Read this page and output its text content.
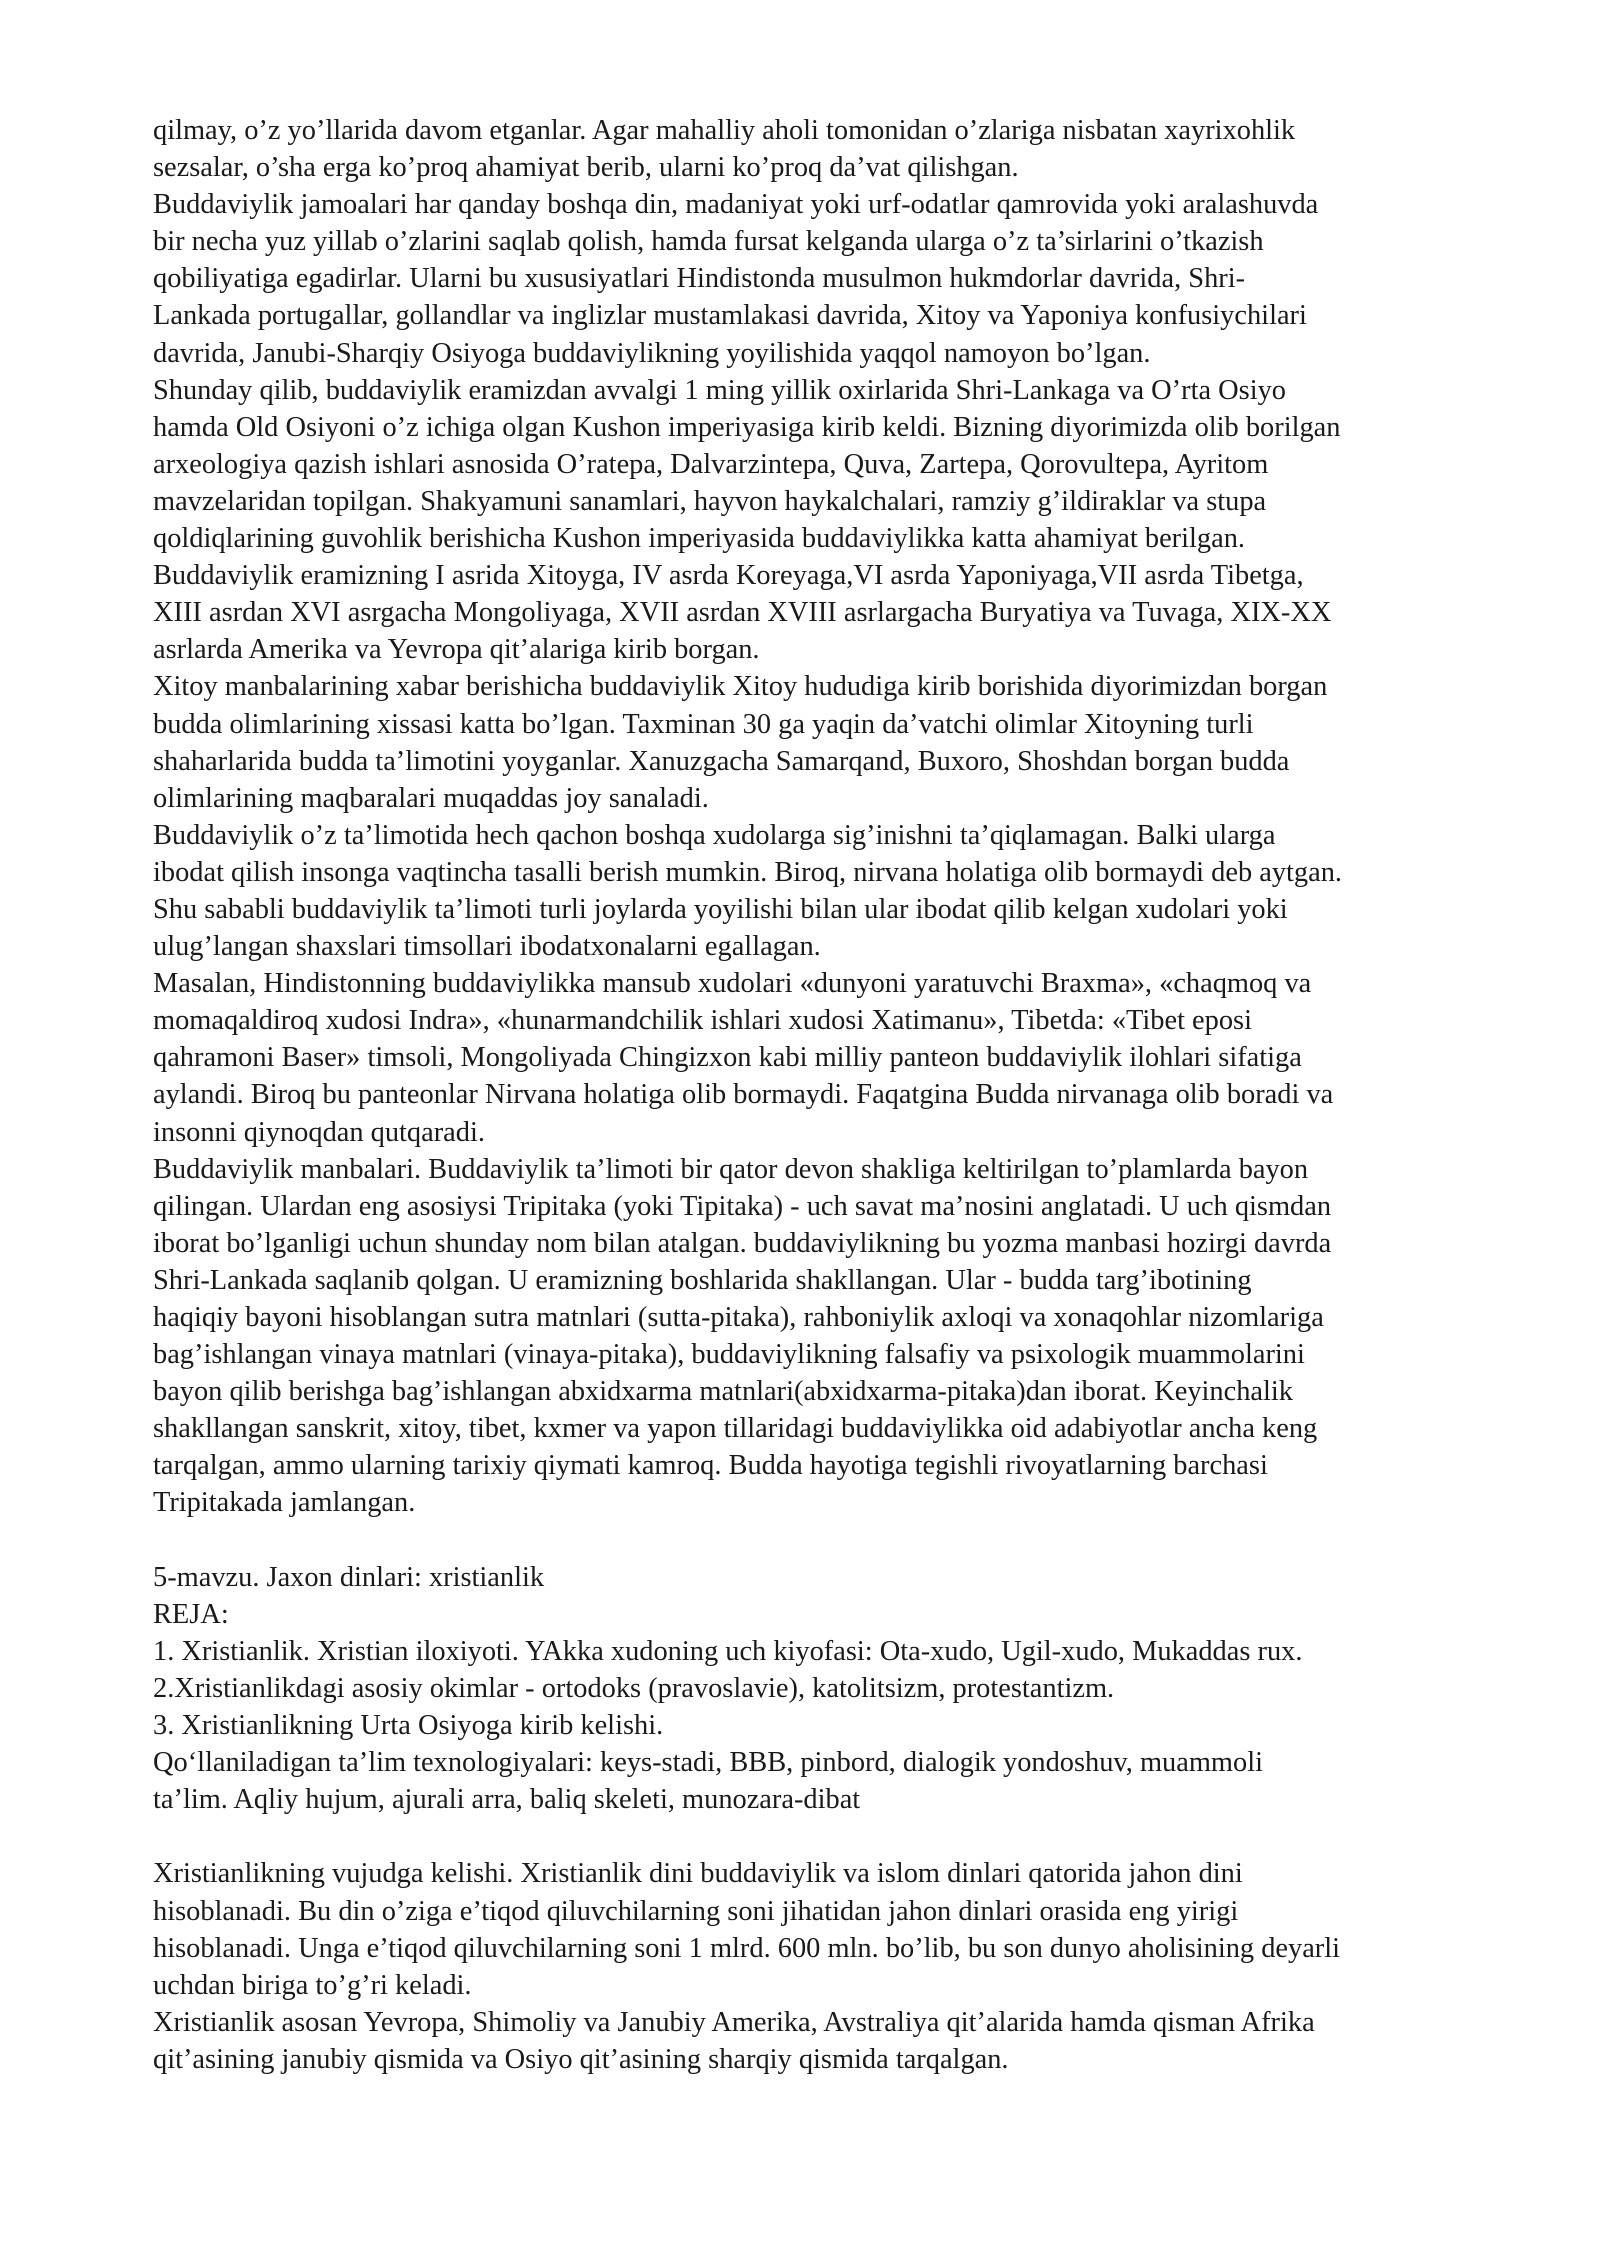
qilmay, o’z yo’llarida davom etganlar. Agar mahalliy aholi tomonidan o’zlariga nisbatan xayrixohlik
sezsalar, o’sha erga ko’proq ahamiyat berib, ularni ko’proq da’vat qilishgan.
Buddaviylik jamoalari har qanday boshqa din, madaniyat yoki urf-odatlar qamrovida yoki aralashuvda
bir necha yuz yillab o’zlarini saqlab qolish, hamda fursat kelganda ularga o’z ta’sirlarini o’tkazish
qobiliyatiga egadirlar. Ularni bu xususiyatlari Hindistonda musulmon hukmdorlar davrida, Shri-
Lankada portugallar, gollandlar va inglizlar mustamlakasi davrida, Xitoy va Yaponiya konfusiychilari
davrida, Janubi-Sharqiy Osiyoga buddaviylikning yoyilishida yaqqol namoyon bo’lgan.
Shunday qilib, buddaviylik eramizdan avvalgi 1 ming yillik oxirlarida Shri-Lankaga va O’rta Osiyo
hamda Old Osiyoni o’z ichiga olgan Kushon imperiyasiga kirib keldi. Bizning diyorimizda olib borilgan
arxeologiya qazish ishlari asnosida O’ratepa, Dalvarzintepa, Quva, Zartepa, Qorovultepa, Ayritom
mavzelaridan topilgan. Shakyamuni sanamlari, hayvon haykalchalari, ramziy g’ildiraklar va stupa
qoldiqlarining guvohlik berishicha Kushon imperiyasida buddaviylikka katta ahamiyat berilgan.
Buddaviylik eramizning I asrida Xitoyga, IV asrda Koreyaga,VI asrda Yaponiyaga,VII asrda Tibetga,
XIII asrdan XVI asrgacha Mongoliyaga, XVII asrdan XVIII asrlargacha Buryatiya va Tuvaga, XIX-XX
asrlarda Amerika va Yevropa qit’alariga kirib borgan.
Xitoy manbalarining xabar berishicha buddaviylik Xitoy hududiga kirib borishida diyorimizdan borgan
budda olimlarining xissasi katta bo’lgan. Taxminan 30 ga yaqin da’vatchi olimlar Xitoyning turli
shaharlarida budda ta’limotini yoyganlar. Xanuzgacha Samarqand, Buxoro, Shoshdan borgan budda
olimlarining maqbaralari muqaddas joy sanaladi.
Buddaviylik o’z ta’limotida hech qachon boshqa xudolarga sig’inishni ta’qiqlamagan. Balki ularga
ibodat qilish insonga vaqtincha tasalli berish mumkin. Biroq, nirvana holatiga olib bormaydi deb aytgan.
Shu sababli buddaviylik ta’limoti turli joylarda yoyilishi bilan ular ibodat qilib kelgan xudolari yoki
ulug’langan shaxslari timsollari ibodatxonalarni egallagan.
Masalan, Hindistonning buddaviylikka mansub xudolari «dunyoni yaratuvchi Braxma», «chaqmoq va
momaqaldiroq xudosi Indra», «hunarmandchilik ishlari xudosi Xatimanu», Tibetda: «Tibet eposi
qahramoni Baser» timsoli, Mongoliyada Chingizxon kabi milliy panteon buddaviylik ilohlari sifatiga
aylandi. Biroq bu panteonlar Nirvana holatiga olib bormaydi. Faqatgina Budda nirvanaga olib boradi va
insonni qiynoqdan qutqaradi.
Buddaviylik manbalari. Buddaviylik ta’limoti bir qator devon shakliga keltirilgan to’plamlarda bayon
qilingan. Ulardan eng asosiysi Tripitaka (yoki Tipitaka) - uch savat ma’nosini anglatadi. U uch qismdan
iborat bo’lganligi uchun shunday nom bilan atalgan. buddaviylikning bu yozma manbasi hozirgi davrda
Shri-Lankada saqlanib qolgan. U eramizning boshlarida shakllangan. Ular - budda targ’ibotining
haqiqiy bayoni hisoblangan sutra matnlari (sutta-pitaka), rahboniylik axloqi va xonaqohlar nizomlariga
bag’ishlangan vinaya matnlari (vinaya-pitaka), buddaviylikning falsafiy va psixologik muammolarini
bayon qilib berishga bag’ishlangan abxidxarma matnlari(abxidxarma-pitaka)dan iborat. Keyinchalik
shakllangan sanskrit, xitoy, tibet, kxmer va yapon tillaridagi buddaviylikka oid adabiyotlar ancha keng
tarqalgan, ammo ularning tarixiy qiymati kamroq. Budda hayotiga tegishli rivoyatlarning barchasi
Tripitakada jamlangan.
5-mavzu. Jaxon dinlari: xristianlik
REJA:
1. Xristianlik. Xristian iloxiyoti. YAkka xudoning uch kiyofasi: Ota-xudo, Ugil-xudo, Mukaddas rux.
2.Xristianlikdagi asosiy okimlar - ortodoks (pravoslavie), katolitsizm, protestantizm.
3. Xristianlikning Urta Osiyoga kirib kelishi.
Qo‘llaniladigan ta’lim texnologiyalari: keys-stadi, BBB, pinbord, dialogik yondoshuv, muammoli
ta’lim. Aqliy hujum, ajurali arra, baliq skeleti, munozara-dibat
Xristianlikning vujudga kelishi. Xristianlik dini buddaviylik va islom dinlari qatorida jahon dini
hisoblanadi. Bu din o’ziga e’tiqod qiluvchilarning soni jihatidan jahon dinlari orasida eng yirigi
hisoblanadi. Unga e’tiqod qiluvchilarning soni 1 mlrd. 600 mln. bo’lib, bu son dunyo aholisining deyarli
uchdan biriga to’g’ri keladi.
Xristianlik asosan Yevropa, Shimoliy va Janubiy Amerika, Avstraliya qit’alarida hamda qisman Afrika
qit’asining janubiy qismida va Osiyo qit’asining sharqiy qismida tarqalgan.
